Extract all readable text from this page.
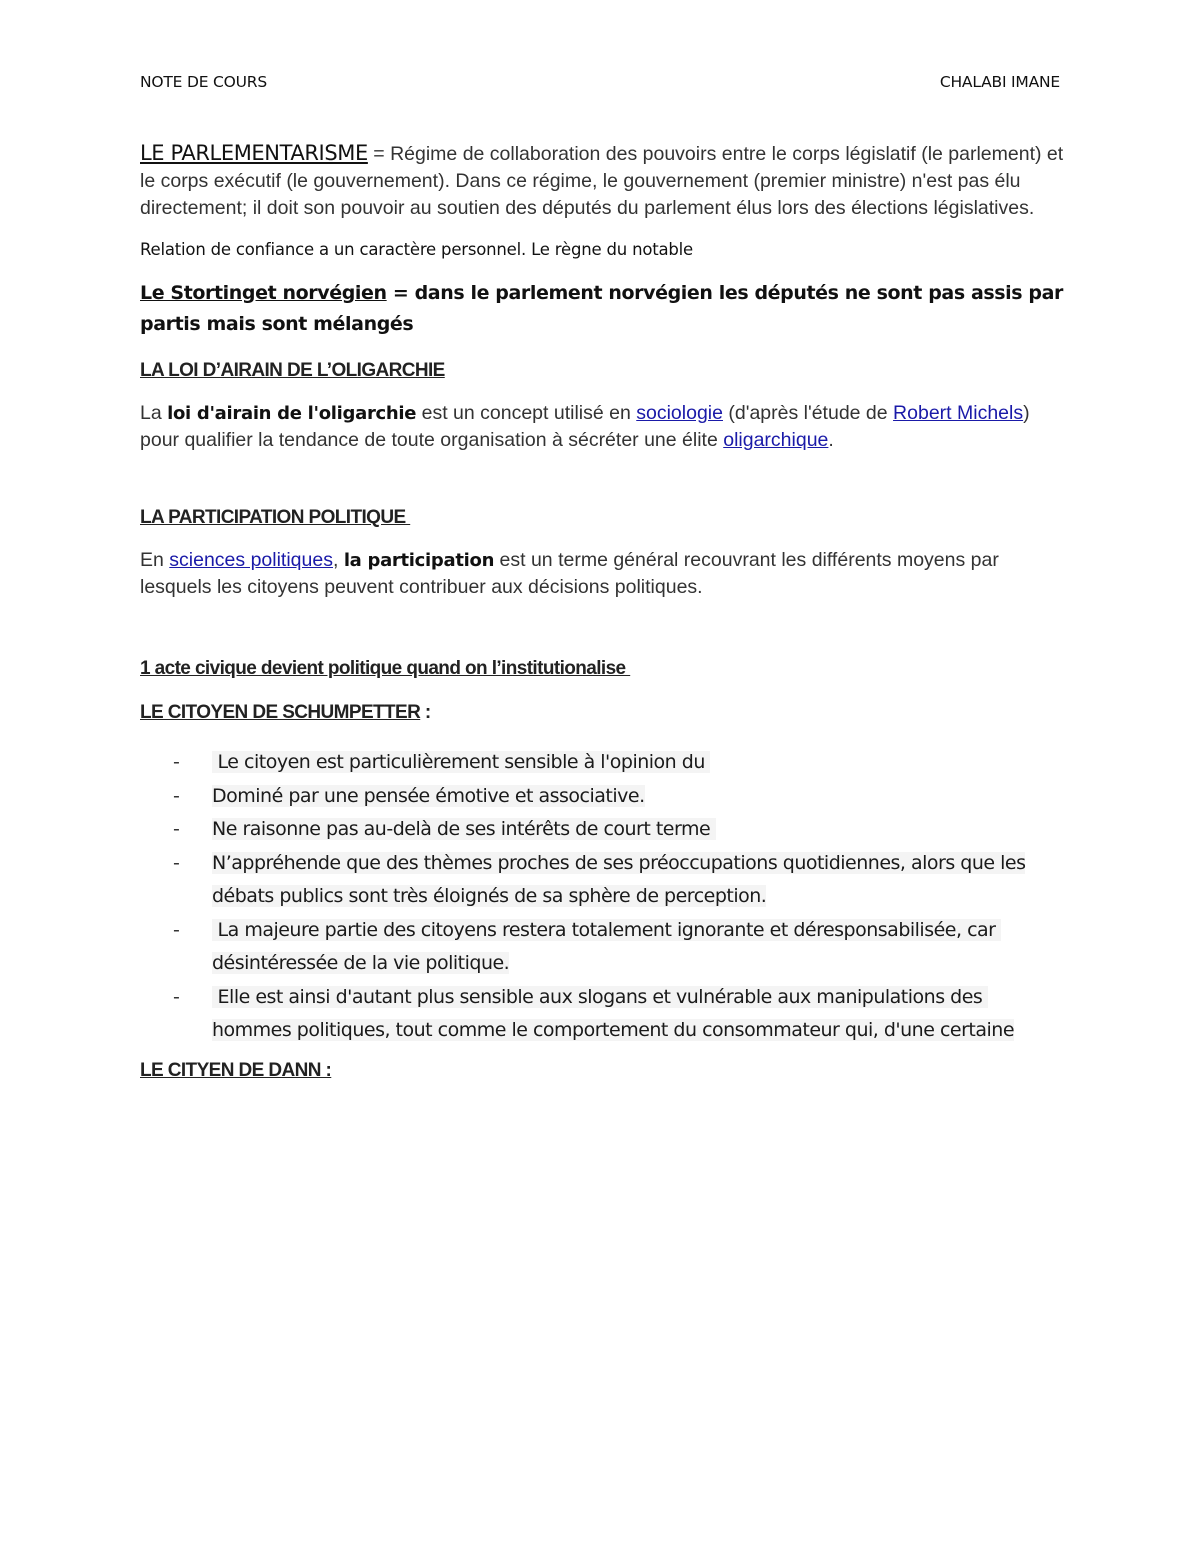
NOTE DE COURS	CHALABI IMANE

LE PARLEMENTARISME = Régime de collaboration des pouvoirs entre le corps législatif (le parlement) et le corps exécutif (le gouvernement). Dans ce régime, le gouvernement (premier ministre) n'est pas élu directement; il doit son pouvoir au soutien des députés du parlement élus lors des élections législatives.

Relation de confiance a un caractère personnel. Le règne du notable

Le Stortinget norvégien = dans le parlement norvégien les députés ne sont pas assis par partis mais sont mélangés

LA LOI D’AIRAIN DE L’OLIGARCHIE

La loi d'airain de l'oligarchie est un concept utilisé en sociologie (d'après l'étude de Robert Michels) pour qualifier la tendance de toute organisation à sécréter une élite oligarchique.

LA PARTICIPATION POLITIQUE

En sciences politiques, la participation est un terme général recouvrant les différents moyens par lesquels les citoyens peuvent contribuer aux décisions politiques.

1 acte civique devient politique quand on l’institutionalise

LE CITOYEN DE SCHUMPETTER :

- Le citoyen est particulièrement sensible à l'opinion du
- Dominé par une pensée émotive et associative.
- Ne raisonne pas au-delà de ses intérêts de court terme
- N’appréhende que des thèmes proches de ses préoccupations quotidiennes, alors que les débats publics sont très éloignés de sa sphère de perception.
- La majeure partie des citoyens restera totalement ignorante et déresponsabilisée, car désintéressée de la vie politique.
- Elle est ainsi d'autant plus sensible aux slogans et vulnérable aux manipulations des hommes politiques, tout comme le comportement du consommateur qui, d'une certaine

LE CITYEN DE DANN :
